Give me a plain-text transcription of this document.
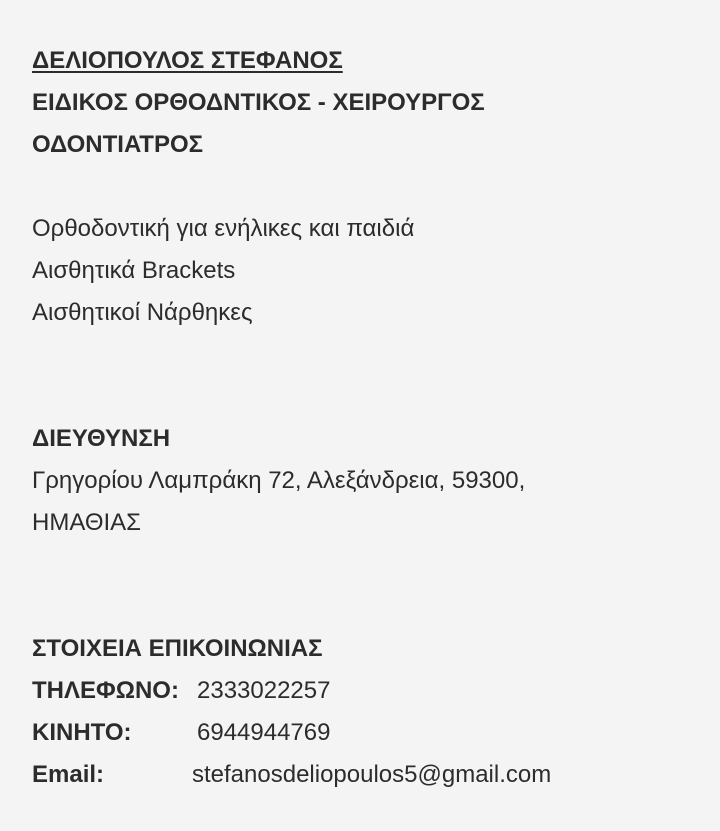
ΔΕΛΙΟΠΟΥΛΟΣ ΣΤΕΦΑΝΟΣ
ΕΙΔΙΚΟΣ ΟΡΘΟΔΝΤΙΚΟΣ - ΧΕΙΡΟΥΡΓΟΣ
ΟΔΟΝΤΙΑΤΡΟΣ
Ορθοδοντική για ενήλικες και παιδιά
Αισθητικά Brackets
Αισθητικοί Νάρθηκες
ΔΙΕΥΘΥΝΣΗ
Γρηγορίου Λαμπράκη 72, Αλεξάνδρεια, 59300,
ΗΜΑΘΙΑΣ
ΣΤΟΙΧΕΙΑ ΕΠΙΚΟΙΝΩΝΙΑΣ
ΤΗΛΕΦΩΝΟ: 2333022257
ΚΙΝΗΤΟ:	6944944769
Email:	stefanosdeliopoulos5@gmail.com
